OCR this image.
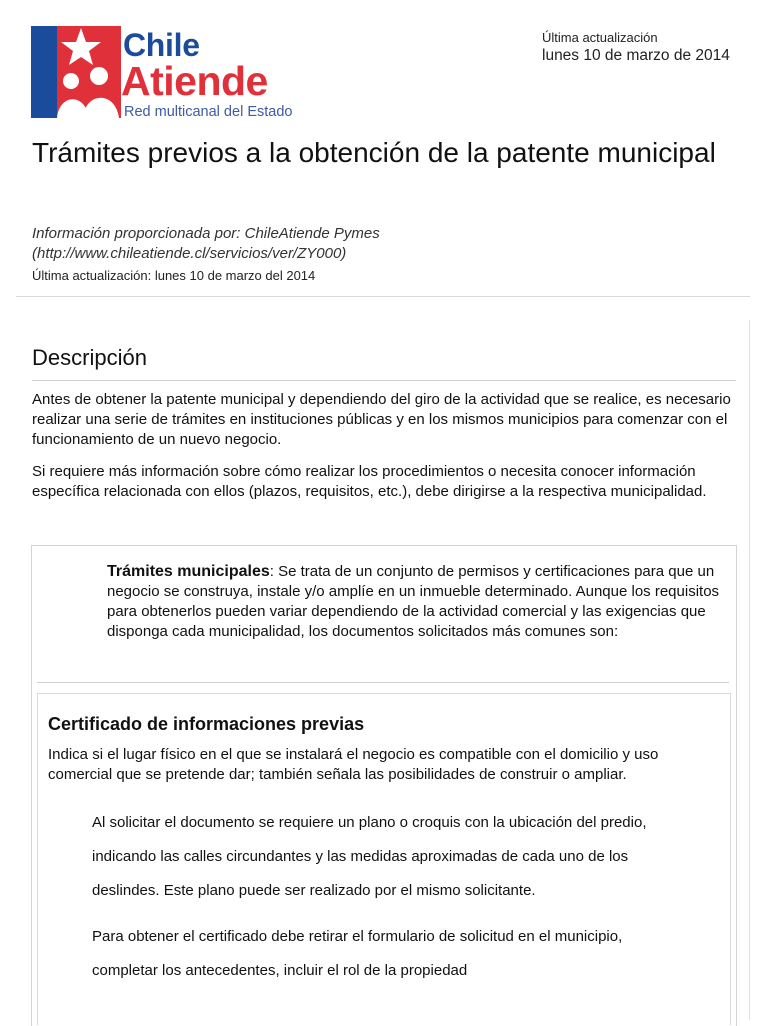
Chile
Atiende
Red multicanal del Estado
Última actualización
lunes 10 de marzo de 2014
Trámites previos a la obtención de la patente municipal
Información proporcionada por: ChileAtiende Pymes
(http://www.chileatiende.cl/servicios/ver/ZY000)
Última actualización: lunes 10 de marzo del 2014
Descripción

Antes de obtener la patente municipal y dependiendo del giro de la actividad que se realice, es necesario realizar una serie de trámites en instituciones públicas y en los mismos municipios para comenzar con el funcionamiento de un nuevo negocio.

Si requiere más información sobre cómo realizar los procedimientos o necesita conocer información específica relacionada con ellos (plazos, requisitos, etc.), debe dirigirse a la respectiva municipalidad.

Trámites municipales: Se trata de un conjunto de permisos y certificaciones para que un negocio se construya, instale y/o amplíe en un inmueble determinado. Aunque los requisitos para obtenerlos pueden variar dependiendo de la actividad comercial y las exigencias que disponga cada municipalidad, los documentos solicitados más comunes son:

Certificado de informaciones previas

Indica si el lugar físico en el que se instalará el negocio es compatible con el domicilio y uso comercial que se pretende dar; también señala las posibilidades de construir o ampliar.

Al solicitar el documento se requiere un plano o croquis con la ubicación del predio, indicando las calles circundantes y las medidas aproximadas de cada uno de los deslindes. Este plano puede ser realizado por el mismo solicitante.

Para obtener el certificado debe retirar el formulario de solicitud en el municipio, completar los antecedentes, incluir el rol de la propiedad
